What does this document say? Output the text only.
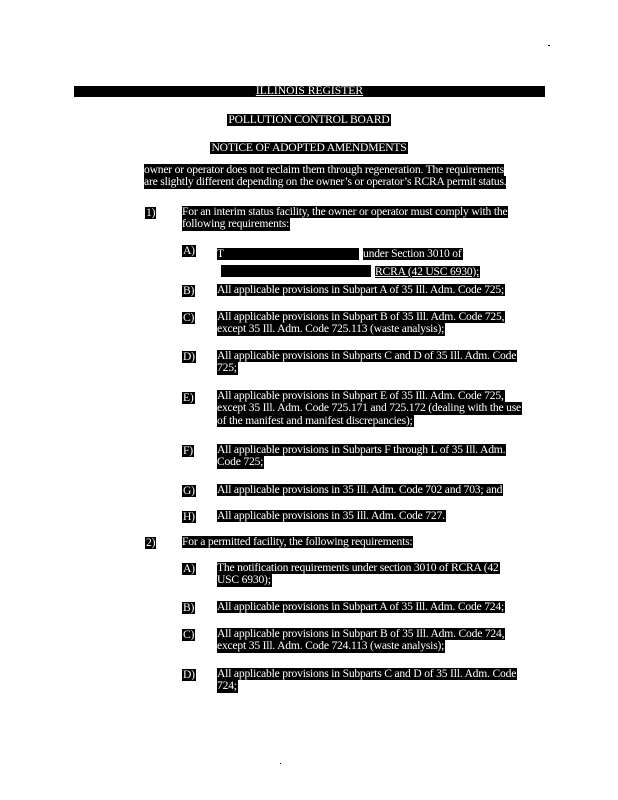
ILLINOIS REGISTER
POLLUTION CONTROL BOARD
NOTICE OF ADOPTED AMENDMENTS
owner or operator does not reclaim them through regeneration. The requirements
are slightly different depending on the owner’s or operator’s RCRA permit status.
1) For an interim status facility, the owner or operator must comply with the
following requirements:
A) T	under Section 3010 of
RCRA (42 USC 6930);
B) All applicable provisions in Subpart A of 35 Ill. Adm. Code 725;
C) All applicable provisions in Subpart B of 35 Ill. Adm. Code 725,
except 35 Ill. Adm. Code 725.113 (waste analysis);
D) All applicable provisions in Subparts C and D of 35 Ill. Adm. Code
725;
E) All applicable provisions in Subpart E of 35 Ill. Adm. Code 725,
except 35 Ill. Adm. Code 725.171 and 725.172 (dealing with the use
of the manifest and manifest discrepancies);
F) All applicable provisions in Subparts F through L of 35 Ill. Adm.
Code 725;
G) All applicable provisions in 35 Ill. Adm. Code 702 and 703; and
H) All applicable provisions in 35 Ill. Adm. Code 727.
2) For a permitted facility, the following requirements:
A) The notification requirements under section 3010 of RCRA (42
USC 6930);
B) All applicable provisions in Subpart A of 35 Ill. Adm. Code 724;
C) All applicable provisions in Subpart B of 35 Ill. Adm. Code 724,
except 35 Ill. Adm. Code 724.113 (waste analysis);
D) All applicable provisions in Subparts C and D of 35 Ill. Adm. Code
724;
